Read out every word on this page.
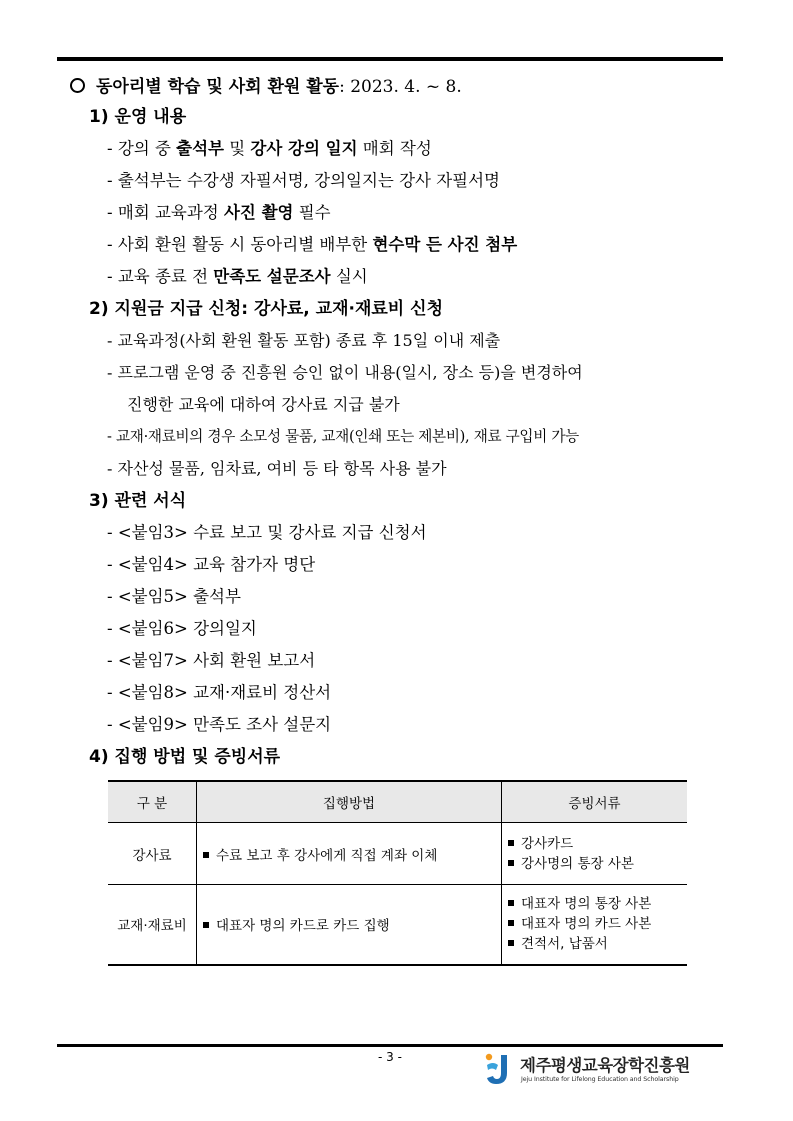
동아리별 학습 및 사회 환원 활동: 2023. 4. ~ 8.
1) 운영 내용
- 강의 중 출석부 및 강사 강의 일지 매회 작성
- 출석부는 수강생 자필서명, 강의일지는 강사 자필서명
- 매회 교육과정 사진 촬영 필수
- 사회 환원 활동 시 동아리별 배부한 현수막 든 사진 첨부
- 교육 종료 전 만족도 설문조사 실시
2) 지원금 지급 신청: 강사료, 교재·재료비 신청
- 교육과정(사회 환원 활동 포함) 종료 후 15일 이내 제출
- 프로그램 운영 중 진흥원 승인 없이 내용(일시, 장소 등)을 변경하여
진행한 교육에 대하여 강사료 지급 불가
- 교재·재료비의 경우 소모성 물품, 교재(인쇄 또는 제본비), 재료 구입비 가능
- 자산성 물품, 임차료, 여비 등 타 항목 사용 불가
3) 관련 서식
- <붙임3> 수료 보고 및 강사료 지급 신청서
- <붙임4> 교육 참가자 명단
- <붙임5> 출석부
- <붙임6> 강의일지
- <붙임7> 사회 환원 보고서
- <붙임8> 교재·재료비 정산서
- <붙임9> 만족도 조사 설문지
4) 집행 방법 및 증빙서류
구 분	집행방법	증빙서류
강사료	수료 보고 후 강사에게 직접 계좌 이체	강사카드
강사명의 통장 사본

교재·재료비	대표자 명의 카드로 카드 집행	대표자 명의 통장 사본
대표자 명의 카드 사본
견적서, 납품서
- 3 -	제주평생교육장학진흥원
Jeju Institute for Lifelong Education and Scholarship
